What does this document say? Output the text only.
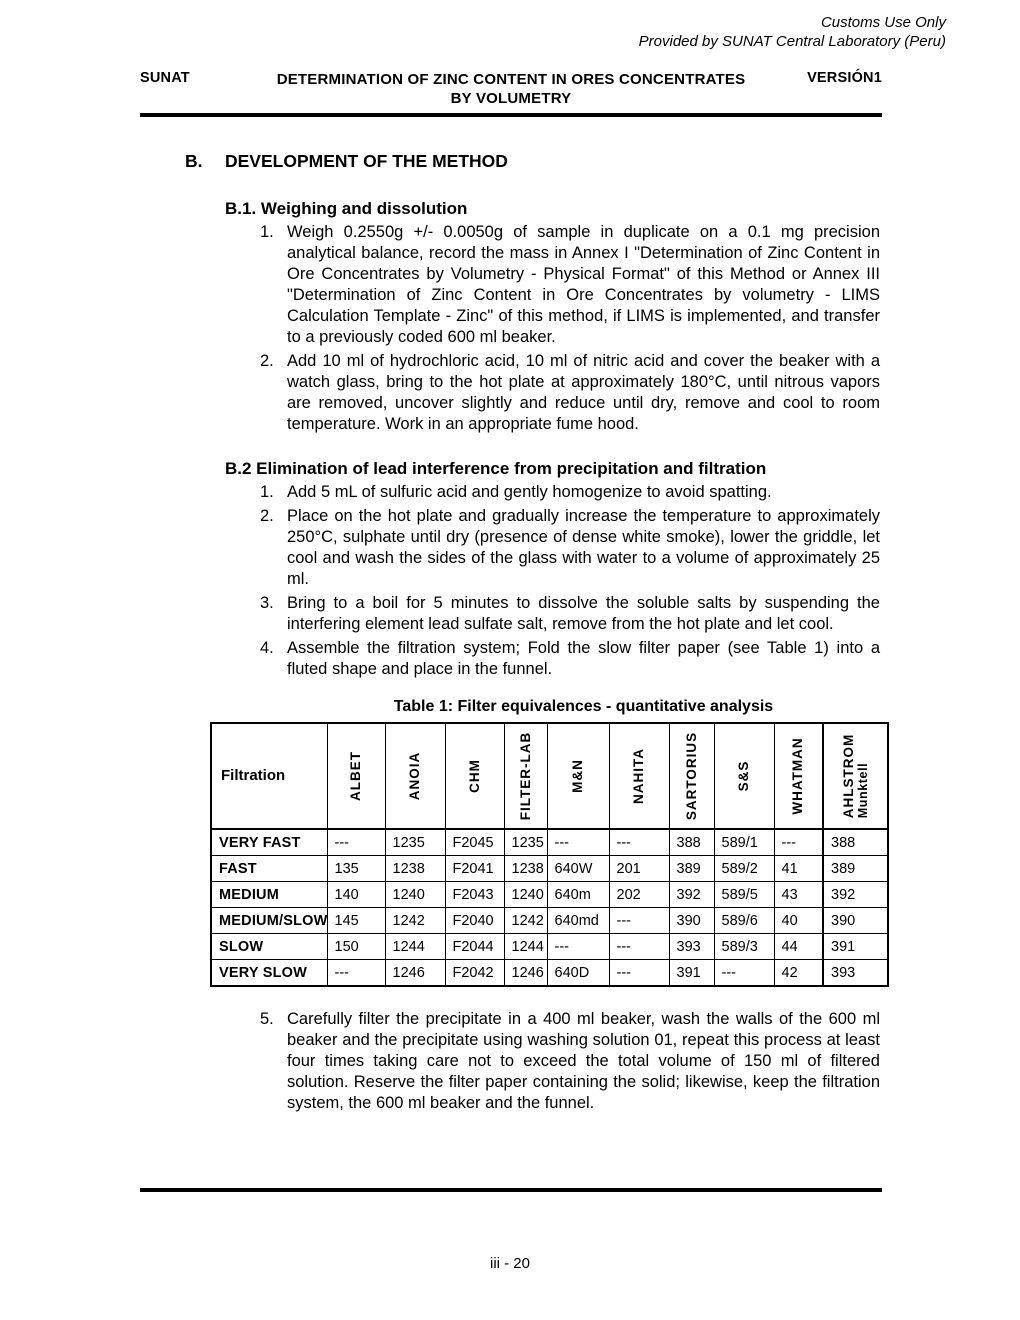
Customs Use Only
Provided by SUNAT Central Laboratory (Peru)
SUNAT	DETERMINATION OF ZINC CONTENT IN ORES CONCENTRATES
BY VOLUMETRY
VERSIÓN1
B.	DEVELOPMENT OF THE METHOD
B.1. Weighing and dissolution
1. Weigh 0.2550g +/- 0.0050g of sample in duplicate on a 0.1 mg precision analytical balance, record the mass in Annex I "Determination of Zinc Content in Ore Concentrates by Volumetry - Physical Format" of this Method or Annex III "Determination of Zinc Content in Ore Concentrates by volumetry - LIMS Calculation Template - Zinc" of this method, if LIMS is implemented, and transfer to a previously coded 600 ml beaker.
2. Add 10 ml of hydrochloric acid, 10 ml of nitric acid and cover the beaker with a watch glass, bring to the hot plate at approximately 180°C, until nitrous vapors are removed, uncover slightly and reduce until dry, remove and cool to room temperature. Work in an appropriate fume hood.
B.2 Elimination of lead interference from precipitation and filtration
1. Add 5 mL of sulfuric acid and gently homogenize to avoid spatting.
2. Place on the hot plate and gradually increase the temperature to approximately 250°C, sulphate until dry (presence of dense white smoke), lower the griddle, let cool and wash the sides of the glass with water to a volume of approximately 25 ml.
3. Bring to a boil for 5 minutes to dissolve the soluble salts by suspending the interfering element lead sulfate salt, remove from the hot plate and let cool.
4. Assemble the filtration system; Fold the slow filter paper (see Table 1) into a fluted shape and place in the funnel.
Table 1: Filter equivalences - quantitative analysis
Filtration	ALBET	ANOIA	CHM	FILTER-LAB	M&N	NAHITA	SARTORIUS	S&S	WHATMAN	AHLSTROM
Munktell

VERY FAST	---	1235	F2045	1235	---	---	388	589/1	---	388
FAST	135	1238	F2041	1238	640W	201	389	589/2	41	389
MEDIUM	140	1240	F2043	1240	640m	202	392	589/5	43	392
MEDIUM/SLOW	145	1242	F2040	1242	640md	---	390	589/6	40	390
SLOW	150	1244	F2044	1244	---	---	393	589/3	44	391
VERY SLOW	---	1246	F2042	1246	640D	---	391	---	42	393
5. Carefully filter the precipitate in a 400 ml beaker, wash the walls of the 600 ml beaker and the precipitate using washing solution 01, repeat this process at least four times taking care not to exceed the total volume of 150 ml of filtered solution. Reserve the filter paper containing the solid; likewise, keep the filtration system, the 600 ml beaker and the funnel.
iii - 20
